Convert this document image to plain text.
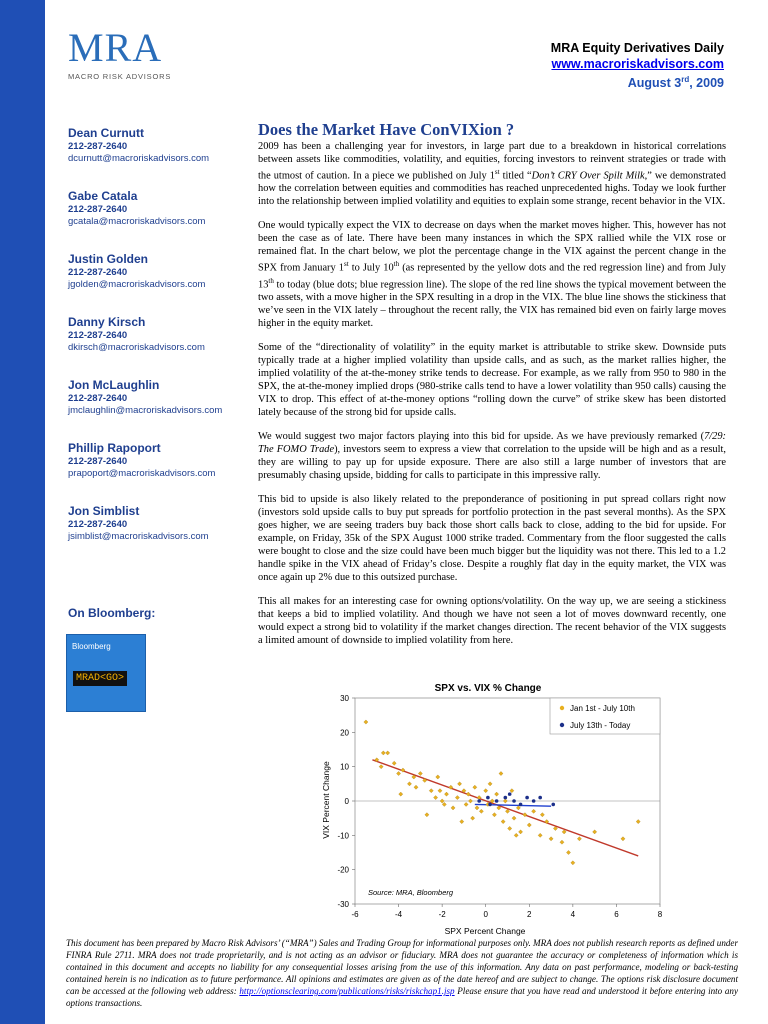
MRA
MACRO RISK ADVISORS
MRA Equity Derivatives Daily
www.macroriskadvisors.com
August 3rd, 2009
Dean Curnutt
212-287-2640
dcurnutt@macroriskadvisors.com
Gabe Catala
212-287-2640
gcatala@macroriskadvisors.com
Justin Golden
212-287-2640
jgolden@macroriskadvisors.com
Danny Kirsch
212-287-2640
dkirsch@macroriskadvisors.com
Jon McLaughlin
212-287-2640
jmclaughlin@macroriskadvisors.com
Phillip Rapoport
212-287-2640
prapoport@macroriskadvisors.com
Jon Simblist
212-287-2640
jsimblist@macroriskadvisors.com
On Bloomberg:
Bloomberg
MRAD<GO>
Does the Market Have ConVIXion ?

2009 has been a challenging year for investors, in large part due to a breakdown in historical correlations between assets like commodities, volatility, and equities, forcing investors to reinvent strategies or trade with the utmost of caution. In a piece we published on July 1st titled “Don’t CRY Over Spilt Milk,” we demonstrated how the correlation between equities and commodities has reached unprecedented highs. Today we look further into the relationship between implied volatility and equities to explain some strange, recent behavior in the VIX.

One would typically expect the VIX to decrease on days when the market moves higher. This, however has not been the case as of late. There have been many instances in which the SPX rallied while the VIX rose or remained flat. In the chart below, we plot the percentage change in the VIX against the percent change in the SPX from January 1st to July 10th (as represented by the yellow dots and the red regression line) and from July 13th to today (blue dots; blue regression line). The slope of the red line shows the typical movement between the two assets, with a move higher in the SPX resulting in a drop in the VIX. The blue line shows the stickiness that we’ve seen in the VIX lately – throughout the recent rally, the VIX has remained bid even on fairly large moves higher in the equity market.

Some of the “directionality of volatility” in the equity market is attributable to strike skew. Downside puts typically trade at a higher implied volatility than upside calls, and as such, as the market rallies higher, the implied volatility of the at-the-money strike tends to decrease. For example, as we rally from 950 to 980 in the SPX, the at-the-money implied drops (980-strike calls tend to have a lower volatility than 950 calls) causing the VIX to drop. This effect of at-the-money options “rolling down the curve” of strike skew has been distorted lately because of the strong bid for upside calls.

We would suggest two major factors playing into this bid for upside. As we have previously remarked (7/29: The FOMO Trade), investors seem to express a view that correlation to the upside will be high and as a result, they are willing to pay up for upside exposure. There are also still a large number of investors that are presumably chasing upside, bidding for calls to participate in this impressive rally.

This bid to upside is also likely related to the preponderance of positioning in put spread collars right now (investors sold upside calls to buy put spreads for portfolio protection in the past several months). As the SPX goes higher, we are seeing traders buy back those short calls back to close, adding to the bid for upside. For example, on Friday, 35k of the SPX August 1000 strike traded. Commentary from the floor suggested the calls were bought to close and the size could have been much bigger but the liquidity was not there. This led to a 1.2 handle spike in the VIX ahead of Friday’s close. Despite a roughly flat day in the equity market, the VIX was once again up 2% due to this outsized purchase.

This all makes for an interesting case for owning options/volatility. On the way up, we are seeing a stickiness that keeps a bid to implied volatility. And though we have not seen a lot of moves downward recently, one would expect a strong bid to volatility if the market changes direction. The recent behavior of the VIX suggests a limited amount of downside to implied volatility from here.

SPX vs. VIX % Change
30
20
10
0
-10
-20
-30
-6	-4	-2	0	2	4	6	8
Source: MRA, Bloomberg
SPX Percent Change
VIX Percent Change
Jan 1st - July 10th
July 13th - Today
This document has been prepared by Macro Risk Advisors’ (“MRA”) Sales and Trading Group for informational purposes only. MRA does not publish research reports as defined under FINRA Rule 2711. MRA does not trade proprietarily, and is not acting as an advisor or fiduciary. MRA does not guarantee the accuracy or completeness of information which is contained in this document and accepts no liability for any consequential losses arising from the use of this information. Any data on past performance, modeling or back-testing contained herein is no indication as to future performance. All opinions and estimates are given as of the date hereof and are subject to change. The options risk disclosure document can be accessed at the following web address: http://optionsclearing.com/publications/risks/riskchap1.jsp Please ensure that you have read and understood it before entering into any options transactions.
